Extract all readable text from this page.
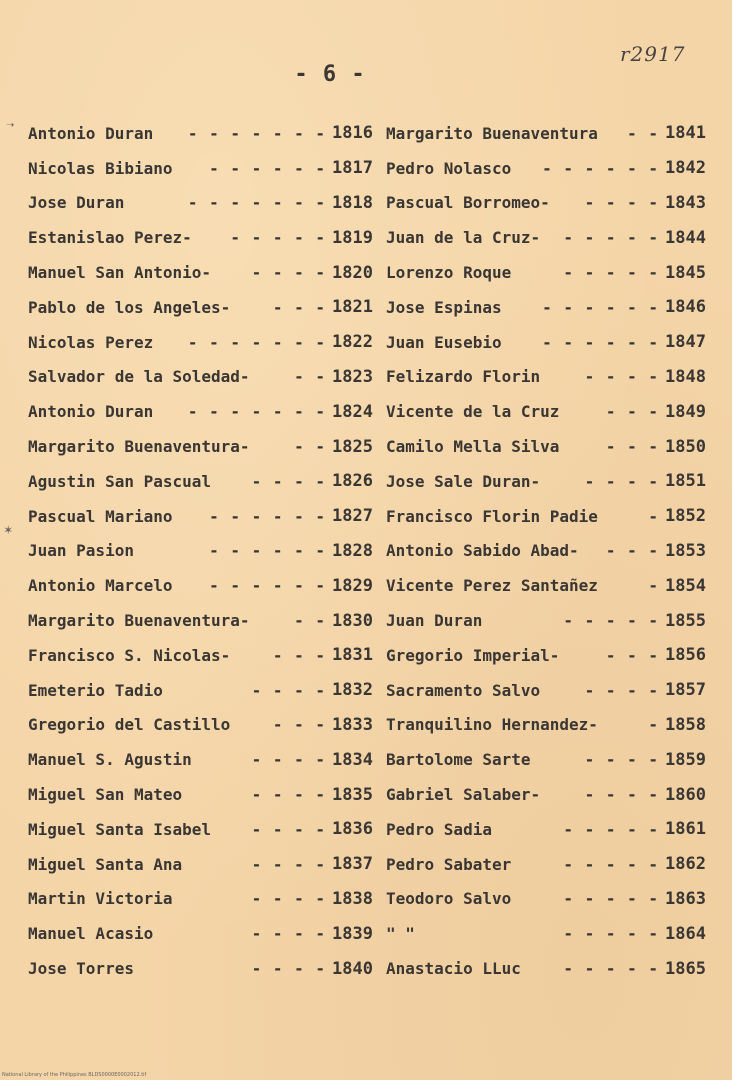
- 6 -
r2917
➝
✶
Antonio Duran	- - - - - - - 1816
Nicolas Bibiano	- - - - - - 1817
Jose Duran	- - - - - - - 1818
Estanislao Perez-	- - - - - 1819
Manuel San Antonio-	- - - - 1820
Pablo de los Angeles-	- - - 1821
Nicolas Perez	- - - - - - - 1822
Salvador de la Soledad-	- - 1823
Antonio Duran	- - - - - - - 1824
Margarito Buenaventura-	- - 1825
Agustin San Pascual	- - - - 1826
Pascual Mariano	- - - - - - 1827
Juan Pasion	- - - - - - 1828
Antonio Marcelo	- - - - - - 1829
Margarito Buenaventura-	- - 1830
Francisco S. Nicolas-	- - - 1831
Emeterio Tadio	- - - - 1832
Gregorio del Castillo	- - - 1833
Manuel S. Agustin	- - - - 1834
Miguel San Mateo	- - - - 1835
Miguel Santa Isabel	- - - - 1836
Miguel Santa Ana	- - - - 1837
Martin Victoria	- - - - 1838
Manuel Acasio	- - - - 1839
Jose Torres	- - - - 1840
Margarito Buenaventura	- - 1841
Pedro Nolasco	- - - - - - 1842
Pascual Borromeo-	- - - - 1843
Juan de la Cruz-	- - - - - 1844
Lorenzo Roque	- - - - - 1845
Jose Espinas	- - - - - - 1846
Juan Eusebio	- - - - - - 1847
Felizardo Florin	- - - - 1848
Vicente de la Cruz	- - - 1849
Camilo Mella Silva	- - - 1850
Jose Sale Duran-	- - - - 1851
Francisco Florin Padie	- 1852
Antonio Sabido Abad-	- - - 1853
Vicente Perez Santañez	- 1854
Juan Duran	- - - - - 1855
Gregorio Imperial-	- - - 1856
Sacramento Salvo	- - - - 1857
Tranquilino Hernandez-	- 1858
Bartolome Sarte	- - - - 1859
Gabriel Salaber-	- - - - 1860
Pedro Sadia	- - - - - 1861
Pedro Sabater	- - - - - 1862
Teodoro Salvo	- - - - - 1863
" "	- - - - - 1864
Anastacio LLuc	- - - - - 1865
National Library of the Philippines BLDS0000E0002012.tif
